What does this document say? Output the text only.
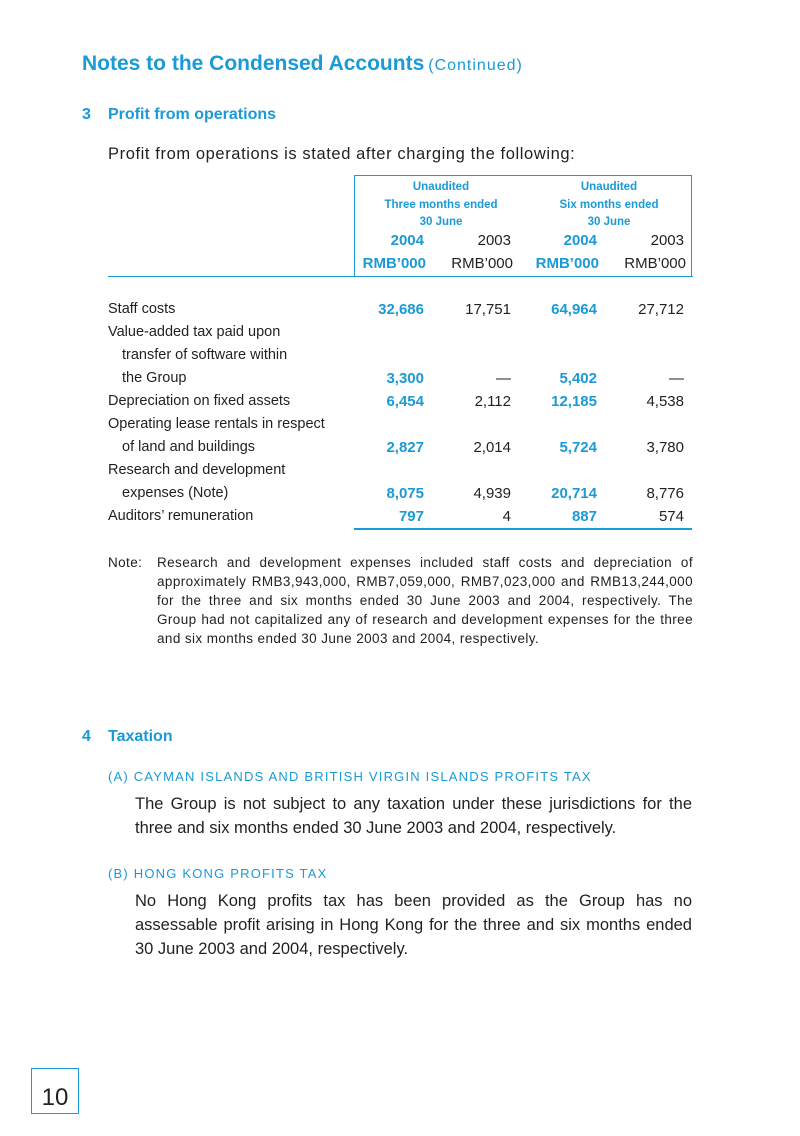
Notes to the Condensed Accounts (Continued)
3 Profit from operations
Profit from operations is stated after charging the following:
Unaudited
Three months ended
30 June
Unaudited
Six months ended
30 June
2004	2003	2004	2003
RMB’000	RMB’000	RMB’000	RMB’000
Staff costs	32,686	17,751	64,964	27,712
Value-added tax paid upon
transfer of software within
the Group	3,300	—	5,402	—
Depreciation on fixed assets	6,454	2,112	12,185	4,538
Operating lease rentals in respect
of land and buildings	2,827	2,014	5,724	3,780
Research and development
expenses (Note)	8,075	4,939	20,714	8,776
Auditors’ remuneration	797	4	887	574
Note: Research and development expenses included staff costs and depreciation of approximately RMB3,943,000, RMB7,059,000, RMB7,023,000 and RMB13,244,000 for the three and six months ended 30 June 2003 and 2004, respectively. The Group had not capitalized any of research and development expenses for the three and six months ended 30 June 2003 and 2004, respectively.
4 Taxation
(A) CAYMAN ISLANDS AND BRITISH VIRGIN ISLANDS PROFITS TAX
The Group is not subject to any taxation under these jurisdictions for the three and six months ended 30 June 2003 and 2004, respectively.
(B) HONG KONG PROFITS TAX
No Hong Kong profits tax has been provided as the Group has no assessable profit arising in Hong Kong for the three and six months ended 30 June 2003 and 2004, respectively.
10
